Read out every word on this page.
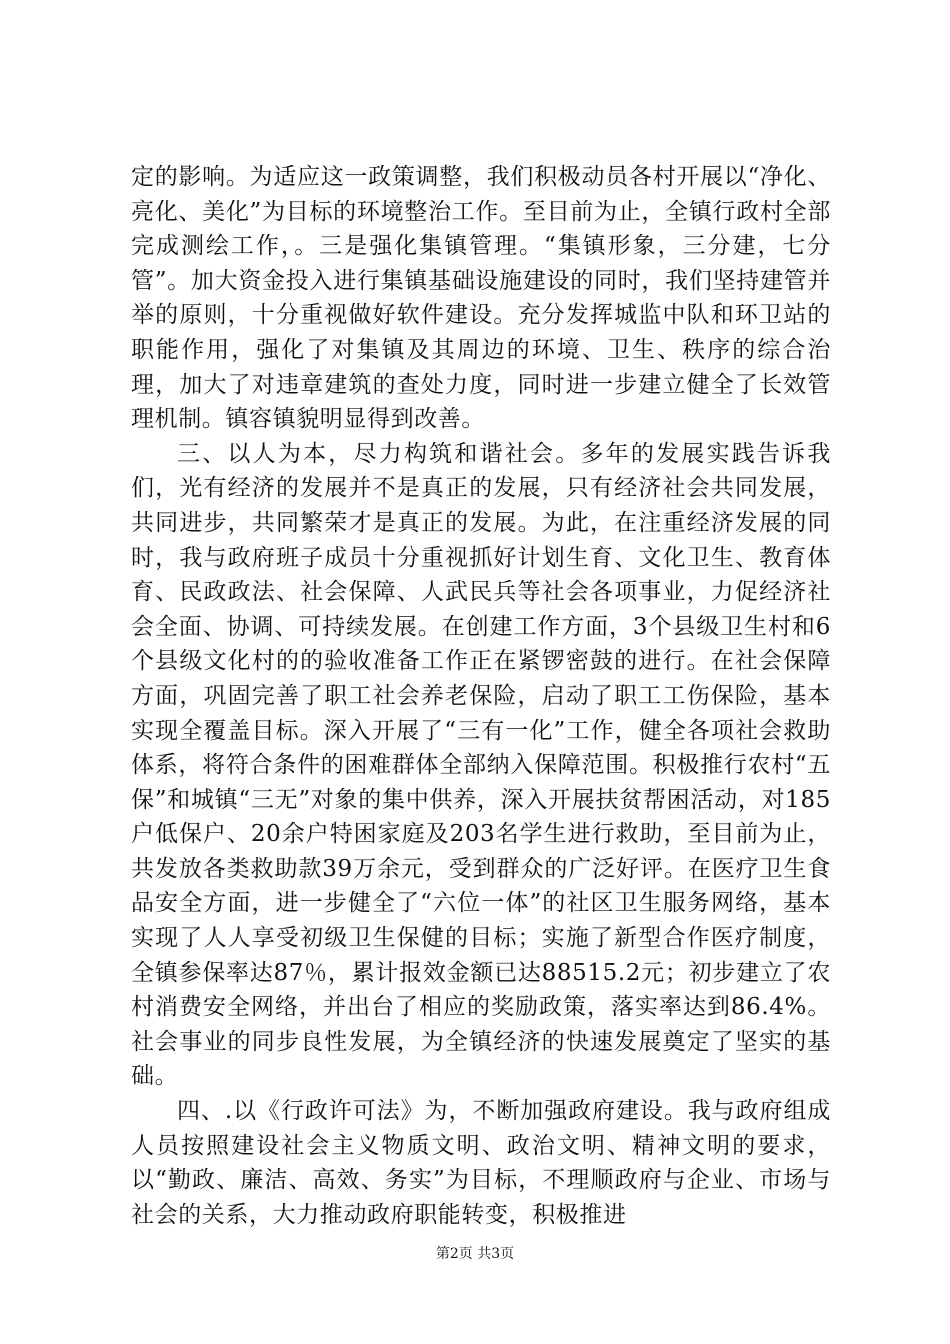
定的影响。为适应这一政策调整，我们积极动员各村开展以“净化、亮化、美化”为目标的环境整治工作。至目前为止，全镇行政村全部完成测绘工作，。三是强化集镇管理。“集镇形象，三分建，七分管”。加大资金投入进行集镇基础设施建设的同时，我们坚持建管并举的原则，十分重视做好软件建设。充分发挥城监中队和环卫站的职能作用，强化了对集镇及其周边的环境、卫生、秩序的综合治理，加大了对违章建筑的查处力度，同时进一步建立健全了长效管理机制。镇容镇貌明显得到改善。

三、以人为本，尽力构筑和谐社会。多年的发展实践告诉我们，光有经济的发展并不是真正的发展，只有经济社会共同发展，共同进步，共同繁荣才是真正的发展。为此，在注重经济发展的同时，我与政府班子成员十分重视抓好计划生育、文化卫生、教育体育、民政政法、社会保障、人武民兵等社会各项事业，力促经济社会全面、协调、可持续发展。在创建工作方面，3个县级卫生村和6个县级文化村的的验收准备工作正在紧锣密鼓的进行。在社会保障方面，巩固完善了职工社会养老保险，启动了职工工伤保险，基本实现全覆盖目标。深入开展了“三有一化”工作，健全各项社会救助体系，将符合条件的困难群体全部纳入保障范围。积极推行农村“五保”和城镇“三无”对象的集中供养，深入开展扶贫帮困活动，对185户低保户、20余户特困家庭及203名学生进行救助，至目前为止，共发放各类救助款39万余元，受到群众的广泛好评。在医疗卫生食品安全方面，进一步健全了“六位一体”的社区卫生服务网络，基本实现了人人享受初级卫生保健的目标；实施了新型合作医疗制度，全镇参保率达87％，累计报效金额已达88515.2元；初步建立了农村消费安全网络，并出台了相应的奖励政策，落实率达到86.4%。社会事业的同步良性发展，为全镇经济的快速发展奠定了坚实的基础。

四、.以《行政许可法》为，不断加强政府建设。我与政府组成人员按照建设社会主义物质文明、政治文明、精神文明的要求，以“勤政、廉洁、高效、务实”为目标，不理顺政府与企业、市场与社会的关系，大力推动政府职能转变，积极推进

第2页 共3页
